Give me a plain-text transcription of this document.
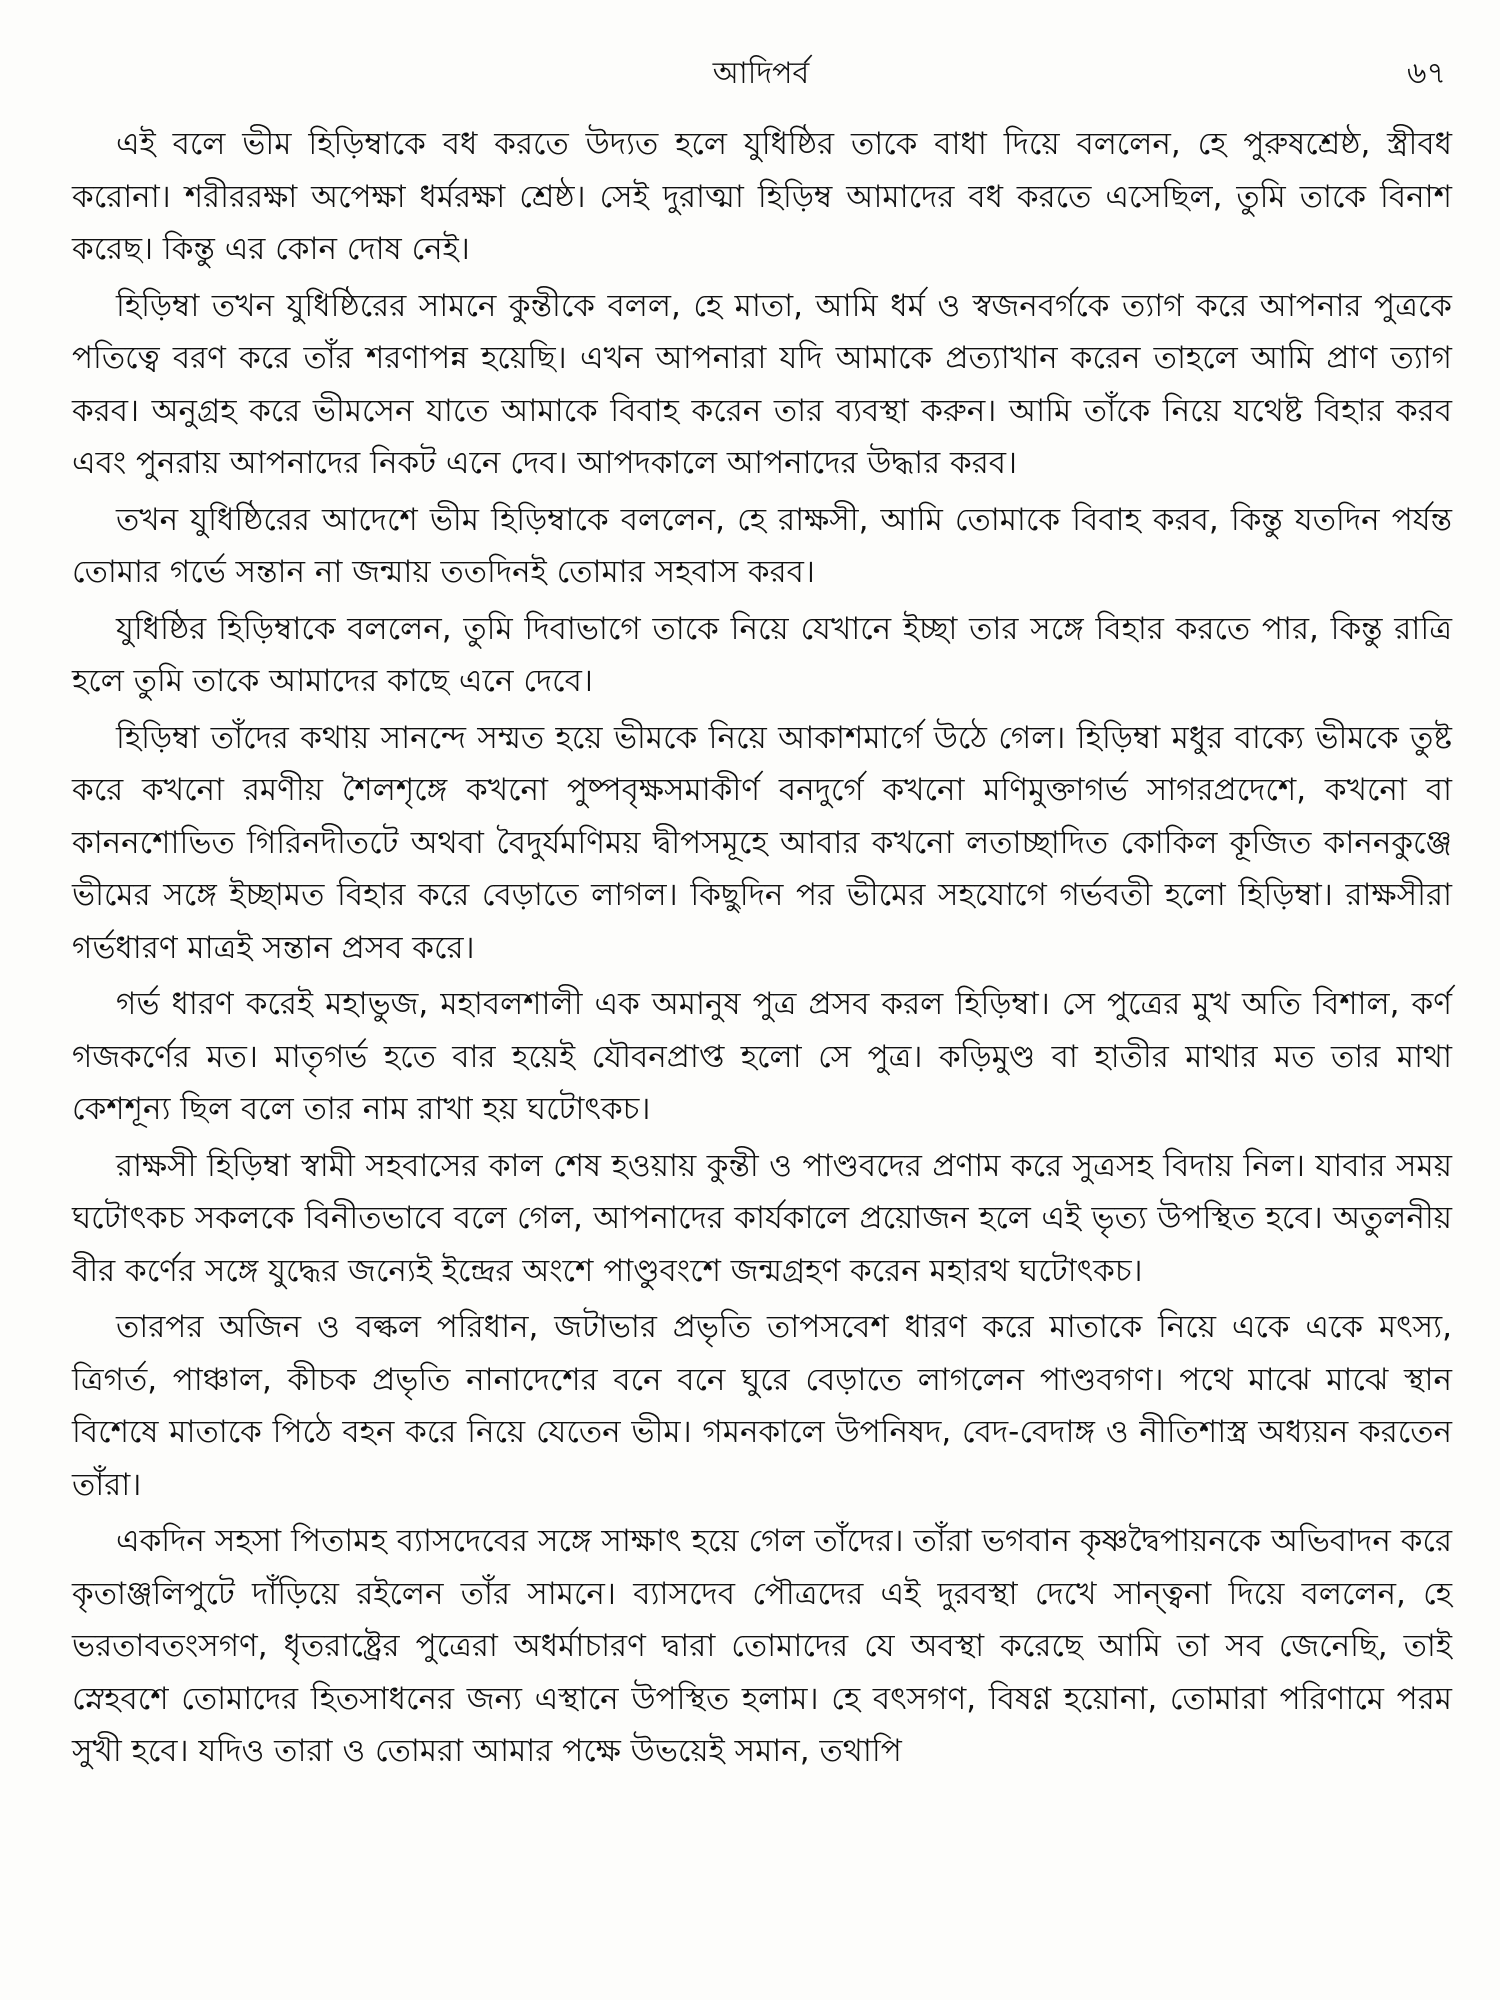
আদিপর্ব	৬৭

এই বলে ভীম হিড়িম্বাকে বধ করতে উদ্যত হলে যুধিষ্ঠির তাকে বাধা দিয়ে বললেন, হে পুরুষশ্রেষ্ঠ, স্ত্রীবধ করোনা। শরীররক্ষা অপেক্ষা ধর্মরক্ষা শ্রেষ্ঠ। সেই দুরাত্মা হিড়িম্ব আমাদের বধ করতে এসেছিল, তুমি তাকে বিনাশ করেছ। কিন্তু এর কোন দোষ নেই।

হিড়িম্বা তখন যুধিষ্ঠিরের সামনে কুন্তীকে বলল, হে মাতা, আমি ধর্ম ও স্বজনবর্গকে ত্যাগ করে আপনার পুত্রকে পতিত্বে বরণ করে তাঁর শরণাপন্ন হয়েছি। এখন আপনারা যদি আমাকে প্রত্যাখান করেন তাহলে আমি প্রাণ ত্যাগ করব। অনুগ্রহ করে ভীমসেন যাতে আমাকে বিবাহ করেন তার ব্যবস্থা করুন। আমি তাঁকে নিয়ে যথেষ্ট বিহার করব এবং পুনরায় আপনাদের নিকট এনে দেব। আপদকালে আপনাদের উদ্ধার করব।

তখন যুধিষ্ঠিরের আদেশে ভীম হিড়িম্বাকে বললেন, হে রাক্ষসী, আমি তোমাকে বিবাহ করব, কিন্তু যতদিন পর্যন্ত তোমার গর্ভে সন্তান না জন্মায় ততদিনই তোমার সহবাস করব।

যুধিষ্ঠির হিড়িম্বাকে বললেন, তুমি দিবাভাগে তাকে নিয়ে যেখানে ইচ্ছা তার সঙ্গে বিহার করতে পার, কিন্তু রাত্রি হলে তুমি তাকে আমাদের কাছে এনে দেবে।

হিড়িম্বা তাঁদের কথায় সানন্দে সম্মত হয়ে ভীমকে নিয়ে আকাশমার্গে উঠে গেল। হিড়িম্বা মধুর বাক্যে ভীমকে তুষ্ট করে কখনো রমণীয় শৈলশৃঙ্গে কখনো পুষ্পবৃক্ষসমাকীর্ণ বনদুর্গে কখনো মণিমুক্তাগর্ভ সাগরপ্রদেশে, কখনো বা কাননশোভিত গিরিনদীতটে অথবা বৈদুর্যমণিময় দ্বীপসমূহে আবার কখনো লতাচ্ছাদিত কোকিল কূজিত কাননকুঞ্জে ভীমের সঙ্গে ইচ্ছামত বিহার করে বেড়াতে লাগল। কিছুদিন পর ভীমের সহযোগে গর্ভবতী হলো হিড়িম্বা। রাক্ষসীরা গর্ভধারণ মাত্রই সন্তান প্রসব করে।

গর্ভ ধারণ করেই মহাভুজ, মহাবলশালী এক অমানুষ পুত্র প্রসব করল হিড়িম্বা। সে পুত্রের মুখ অতি বিশাল, কর্ণ গজকর্ণের মত। মাতৃগর্ভ হতে বার হয়েই যৌবনপ্রাপ্ত হলো সে পুত্র। কড়িমুণ্ড বা হাতীর মাথার মত তার মাথা কেশশূন্য ছিল বলে তার নাম রাখা হয় ঘটোৎকচ।

রাক্ষসী হিড়িম্বা স্বামী সহবাসের কাল শেষ হওয়ায় কুন্তী ও পাণ্ডবদের প্রণাম করে সুত্রসহ বিদায় নিল। যাবার সময় ঘটোৎকচ সকলকে বিনীতভাবে বলে গেল, আপনাদের কার্যকালে প্রয়োজন হলে এই ভৃত্য উপস্থিত হবে। অতুলনীয় বীর কর্ণের সঙ্গে যুদ্ধের জন্যেই ইন্দ্রের অংশে পাণ্ডুবংশে জন্মগ্রহণ করেন মহারথ ঘটোৎকচ।

তারপর অজিন ও বল্কল পরিধান, জটাভার প্রভৃতি তাপসবেশ ধারণ করে মাতাকে নিয়ে একে একে মৎস্য, ত্রিগর্ত, পাঞ্চাল, কীচক প্রভৃতি নানাদেশের বনে বনে ঘুরে বেড়াতে লাগলেন পাণ্ডবগণ। পথে মাঝে মাঝে স্থান বিশেষে মাতাকে পিঠে বহন করে নিয়ে যেতেন ভীম। গমনকালে উপনিষদ, বেদ-বেদাঙ্গ ও নীতিশাস্ত্র অধ্যয়ন করতেন তাঁরা।

একদিন সহসা পিতামহ ব্যাসদেবের সঙ্গে সাক্ষাৎ হয়ে গেল তাঁদের। তাঁরা ভগবান কৃষ্ণদ্বৈপায়নকে অভিবাদন করে কৃতাঞ্জলিপুটে দাঁড়িয়ে রইলেন তাঁর সামনে। ব্যাসদেব পৌত্রদের এই দুরবস্থা দেখে সান্ত্বনা দিয়ে বললেন, হে ভরতাবতংসগণ, ধৃতরাষ্ট্রের পুত্রেরা অধর্মাচারণ দ্বারা তোমাদের যে অবস্থা করেছে আমি তা সব জেনেছি, তাই স্নেহবশে তোমাদের হিতসাধনের জন্য এস্থানে উপস্থিত হলাম। হে বৎসগণ, বিষণ্ণ হয়োনা, তোমারা পরিণামে পরম সুখী হবে। যদিও তারা ও তোমরা আমার পক্ষে উভয়েই সমান, তথাপি
